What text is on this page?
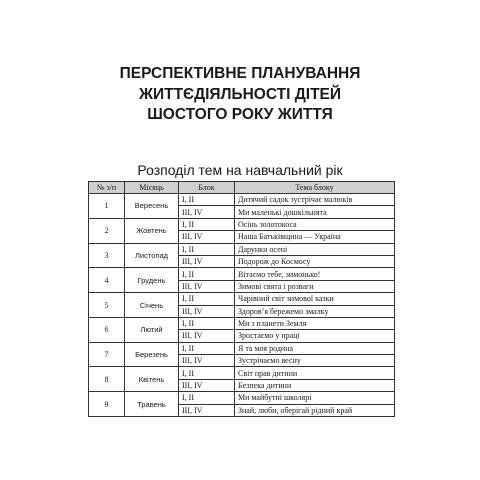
ПЕРСПЕКТИВНЕ ПЛАНУВАННЯ
ЖИТТЄДІЯЛЬНОСТІ ДІТЕЙ
ШОСТОГО РОКУ ЖИТТЯ
Розподіл тем на навчальний рік
№ з/п	Місяць	Блок	Тема блоку
1	Вересень	I, II	Дитячий садок зустрічає малюків
		III, IV	Ми маленькі дошкільнята
2	Жовтень	I, II	Осінь золотокоса
		III, IV	Наша Батьківщина — Україна
3	Листопад	I, II	Дарунки осені
		III, IV	Подорож до Космосу
4	Грудень	I, II	Вітаємо тебе, зимонько!
		III, IV	Зимові свята і розваги
5	Січень	I, II	Чарівний світ зимової казки
		III, IV	Здоров’я бережемо змалку
6	Лютий	I, II	Ми з планети Земля
		III, IV	Зростаємо у праці
7	Березень	I, II	Я та моя родина
		III, IV	Зустрічаємо весну
8	Квітень	I, II	Світ прав дитини
		III, IV	Безпека дитини
9	Травень	I, II	Ми майбутні школярі
		III, IV	Знай, люби, оберігай рідний край
